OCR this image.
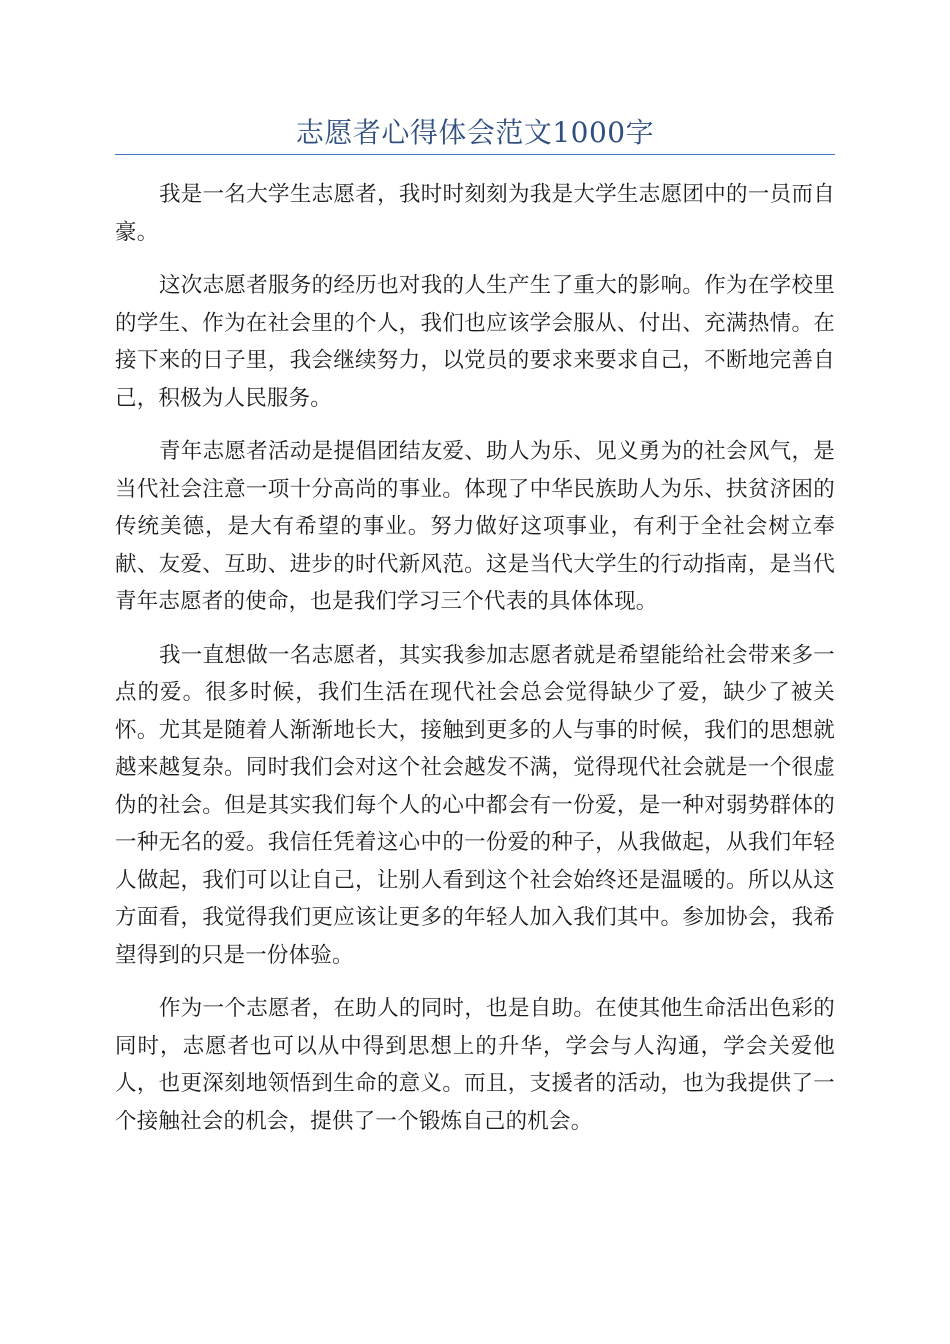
志愿者心得体会范文1000字

我是一名大学生志愿者，我时时刻刻为我是大学生志愿团中的一员而自豪。

这次志愿者服务的经历也对我的人生产生了重大的影响。作为在学校里的学生、作为在社会里的个人，我们也应该学会服从、付出、充满热情。在接下来的日子里，我会继续努力，以党员的要求来要求自己，不断地完善自己，积极为人民服务。

青年志愿者活动是提倡团结友爱、助人为乐、见义勇为的社会风气，是当代社会注意一项十分高尚的事业。体现了中华民族助人为乐、扶贫济困的传统美德，是大有希望的事业。努力做好这项事业，有利于全社会树立奉献、友爱、互助、进步的时代新风范。这是当代大学生的行动指南，是当代青年志愿者的使命，也是我们学习三个代表的具体体现。

我一直想做一名志愿者，其实我参加志愿者就是希望能给社会带来多一点的爱。很多时候，我们生活在现代社会总会觉得缺少了爱，缺少了被关怀。尤其是随着人渐渐地长大，接触到更多的人与事的时候，我们的思想就越来越复杂。同时我们会对这个社会越发不满，觉得现代社会就是一个很虚伪的社会。但是其实我们每个人的心中都会有一份爱，是一种对弱势群体的一种无名的爱。我信任凭着这心中的一份爱的种子，从我做起，从我们年轻人做起，我们可以让自己，让别人看到这个社会始终还是温暖的。所以从这方面看，我觉得我们更应该让更多的年轻人加入我们其中。参加协会，我希望得到的只是一份体验。

作为一个志愿者，在助人的同时，也是自助。在使其他生命活出色彩的同时，志愿者也可以从中得到思想上的升华，学会与人沟通，学会关爱他人，也更深刻地领悟到生命的意义。而且，支援者的活动，也为我提供了一个接触社会的机会，提供了一个锻炼自己的机会。
